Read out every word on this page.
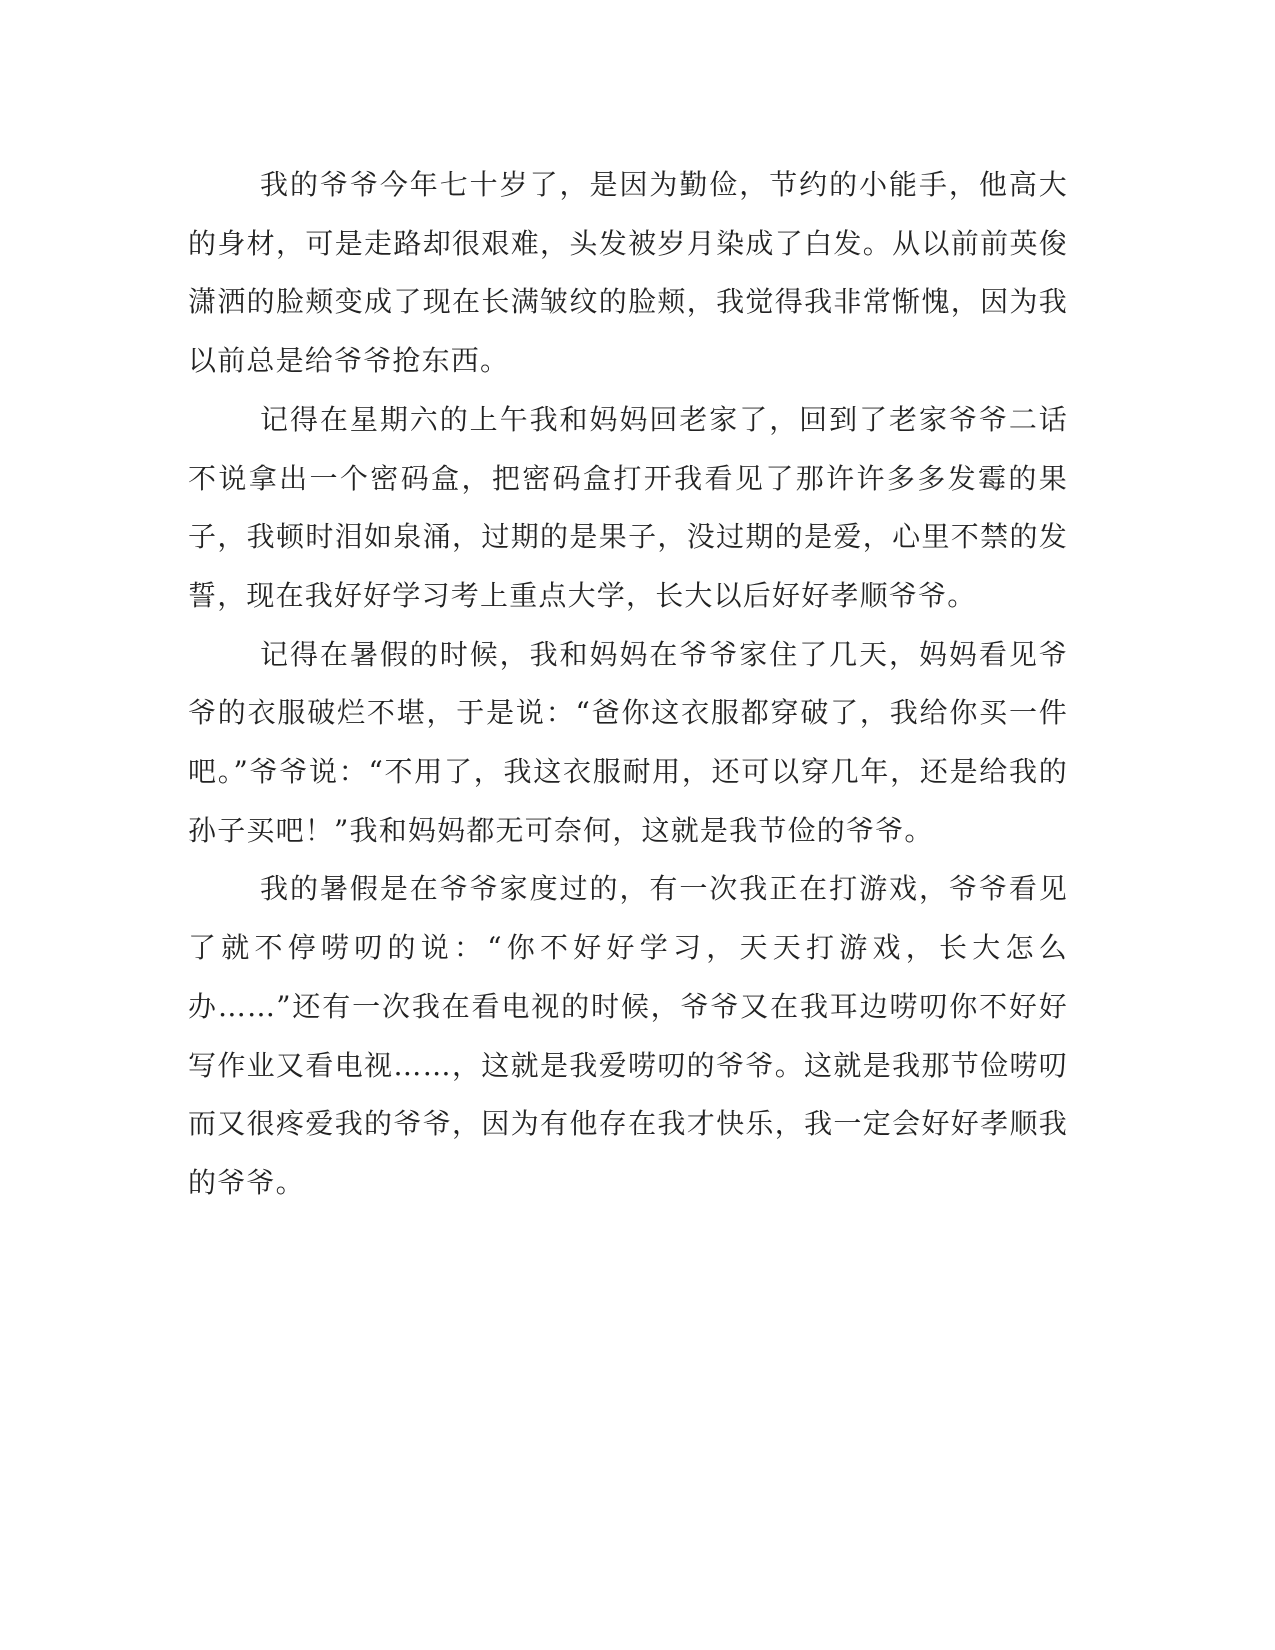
我的爷爷今年七十岁了，是因为勤俭，节约的小能手，他高大的身材，可是走路却很艰难，头发被岁月染成了白发。从以前前英俊潇洒的脸颊变成了现在长满皱纹的脸颊，我觉得我非常惭愧，因为我以前总是给爷爷抢东西。

记得在星期六的上午我和妈妈回老家了，回到了老家爷爷二话不说拿出一个密码盒，把密码盒打开我看见了那许许多多发霉的果子，我顿时泪如泉涌，过期的是果子，没过期的是爱，心里不禁的发誓，现在我好好学习考上重点大学，长大以后好好孝顺爷爷。

记得在暑假的时候，我和妈妈在爷爷家住了几天，妈妈看见爷爷的衣服破烂不堪，于是说：“爸你这衣服都穿破了，我给你买一件吧。”爷爷说：“不用了，我这衣服耐用，还可以穿几年，还是给我的孙子买吧！”我和妈妈都无可奈何，这就是我节俭的爷爷。

我的暑假是在爷爷家度过的，有一次我正在打游戏，爷爷看见了就不停唠叨的说：“你不好好学习，天天打游戏，长大怎么办……”还有一次我在看电视的时候，爷爷又在我耳边唠叨你不好好写作业又看电视……，这就是我爱唠叨的爷爷。这就是我那节俭唠叨而又很疼爱我的爷爷，因为有他存在我才快乐，我一定会好好孝顺我的爷爷。
